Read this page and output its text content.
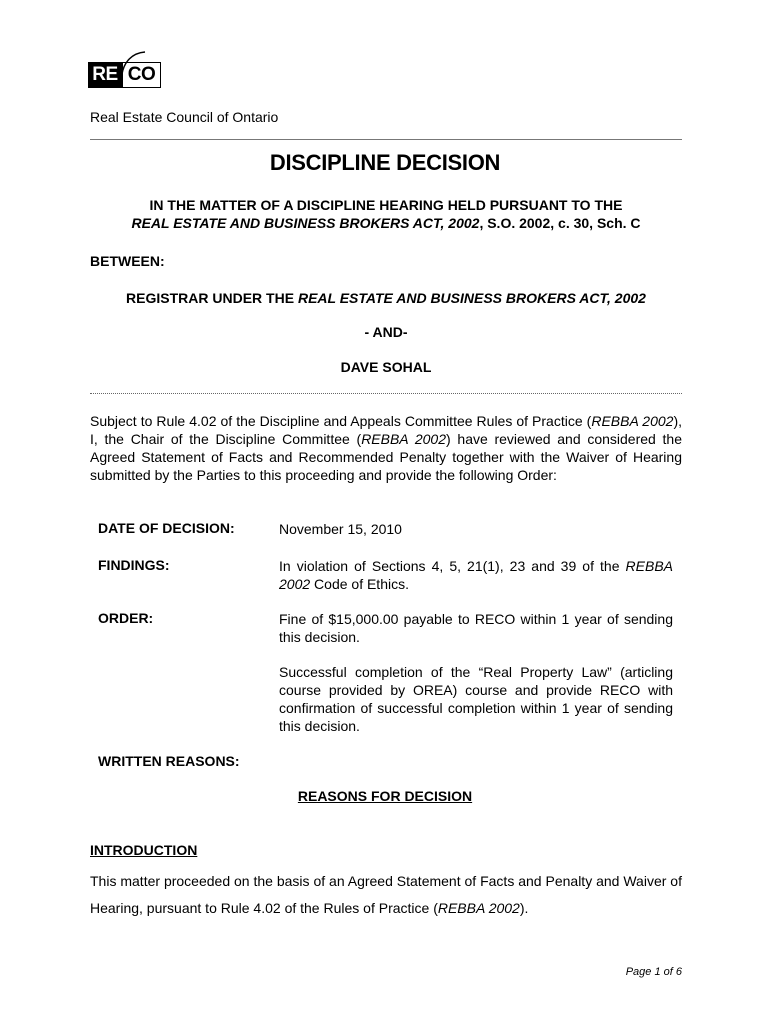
RE CO
Real Estate Council of Ontario
DISCIPLINE DECISION
IN THE MATTER OF A DISCIPLINE HEARING HELD PURSUANT TO THE
REAL ESTATE AND BUSINESS BROKERS ACT, 2002, S.O. 2002, c. 30, Sch. C
BETWEEN:
REGISTRAR UNDER THE REAL ESTATE AND BUSINESS BROKERS ACT, 2002
- AND-
DAVE SOHAL
Subject to Rule 4.02 of the Discipline and Appeals Committee Rules of Practice (REBBA 2002), I, the Chair of the Discipline Committee (REBBA 2002) have reviewed and considered the Agreed Statement of Facts and Recommended Penalty together with the Waiver of Hearing submitted by the Parties to this proceeding and provide the following Order:
DATE OF DECISION:	November 15, 2010
FINDINGS:	In violation of Sections 4, 5, 21(1), 23 and 39 of the REBBA 2002 Code of Ethics.
ORDER:	Fine of $15,000.00 payable to RECO within 1 year of sending this decision.
Successful completion of the “Real Property Law” (articling course provided by OREA) course and provide RECO with confirmation of successful completion within 1 year of sending this decision.
WRITTEN REASONS:
REASONS FOR DECISION
INTRODUCTION
This matter proceeded on the basis of an Agreed Statement of Facts and Penalty and Waiver of Hearing, pursuant to Rule 4.02 of the Rules of Practice (REBBA 2002).
Page 1 of 6
